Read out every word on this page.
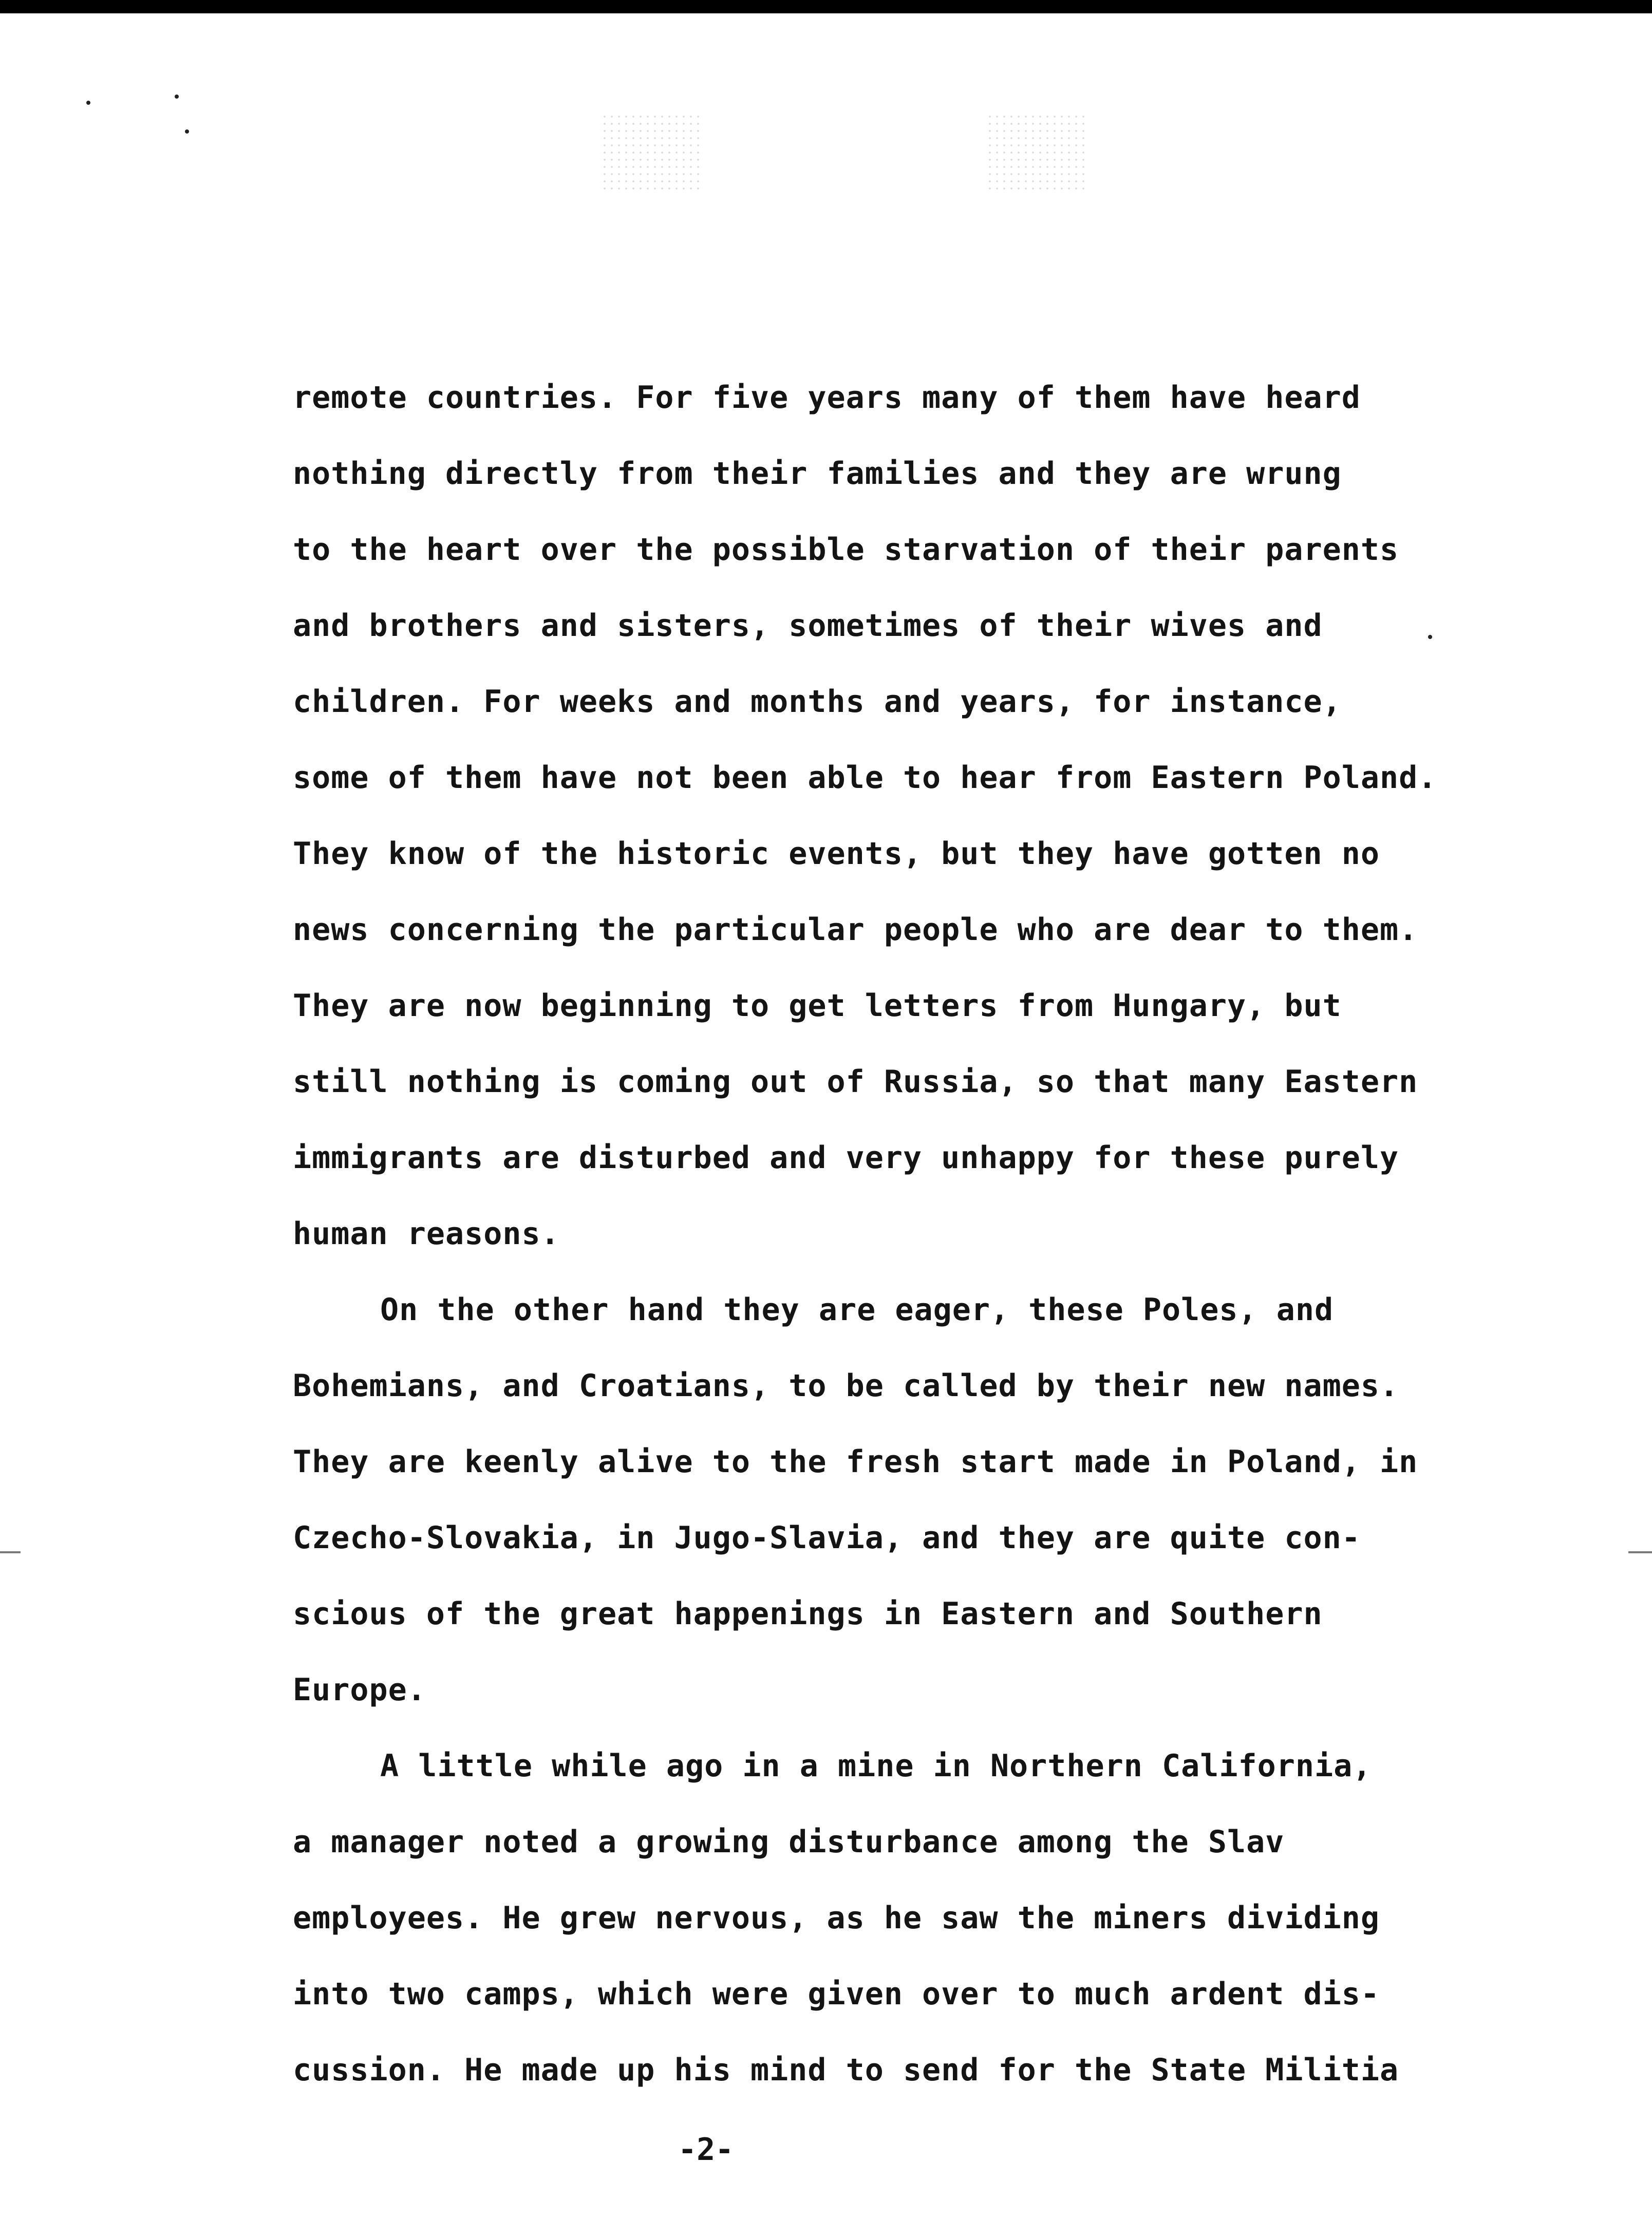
remote countries. For five years many of them have heard
nothing directly from their families and they are wrung
to the heart over the possible starvation of their parents
and brothers and sisters, sometimes of their wives and
children. For weeks and months and years, for instance,
some of them have not been able to hear from Eastern Poland.
They know of the historic events, but they have gotten no
news concerning the particular people who are dear to them.
They are now beginning to get letters from Hungary, but
still nothing is coming out of Russia, so that many Eastern
immigrants are disturbed and very unhappy for these purely
human reasons.
On the other hand they are eager, these Poles, and
Bohemians, and Croatians, to be called by their new names.
They are keenly alive to the fresh start made in Poland, in
Czecho-Slovakia, in Jugo-Slavia, and they are quite con-
scious of the great happenings in Eastern and Southern
Europe.
A little while ago in a mine in Northern California,
a manager noted a growing disturbance among the Slav
employees. He grew nervous, as he saw the miners dividing
into two camps, which were given over to much ardent dis-
cussion. He made up his mind to send for the State Militia
-2-
